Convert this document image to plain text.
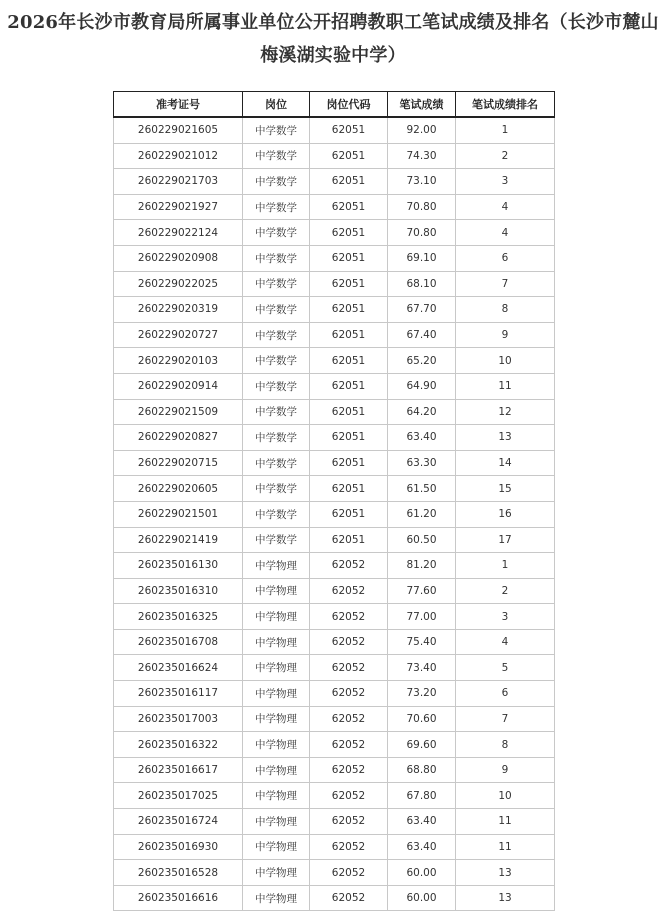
2026年长沙市教育局所属事业单位公开招聘教职工笔试成绩及排名（长沙市麓山
梅溪湖实验中学）
准考证号	岗位	岗位代码	笔试成绩	笔试成绩排名
260229021605	中学数学	62051	92.00	1
260229021012	中学数学	62051	74.30	2
260229021703	中学数学	62051	73.10	3
260229021927	中学数学	62051	70.80	4
260229022124	中学数学	62051	70.80	4
260229020908	中学数学	62051	69.10	6
260229022025	中学数学	62051	68.10	7
260229020319	中学数学	62051	67.70	8
260229020727	中学数学	62051	67.40	9
260229020103	中学数学	62051	65.20	10
260229020914	中学数学	62051	64.90	11
260229021509	中学数学	62051	64.20	12
260229020827	中学数学	62051	63.40	13
260229020715	中学数学	62051	63.30	14
260229020605	中学数学	62051	61.50	15
260229021501	中学数学	62051	61.20	16
260229021419	中学数学	62051	60.50	17
260235016130	中学物理	62052	81.20	1
260235016310	中学物理	62052	77.60	2
260235016325	中学物理	62052	77.00	3
260235016708	中学物理	62052	75.40	4
260235016624	中学物理	62052	73.40	5
260235016117	中学物理	62052	73.20	6
260235017003	中学物理	62052	70.60	7
260235016322	中学物理	62052	69.60	8
260235016617	中学物理	62052	68.80	9
260235017025	中学物理	62052	67.80	10
260235016724	中学物理	62052	63.40	11
260235016930	中学物理	62052	63.40	11
260235016528	中学物理	62052	60.00	13
260235016616	中学物理	62052	60.00	13
